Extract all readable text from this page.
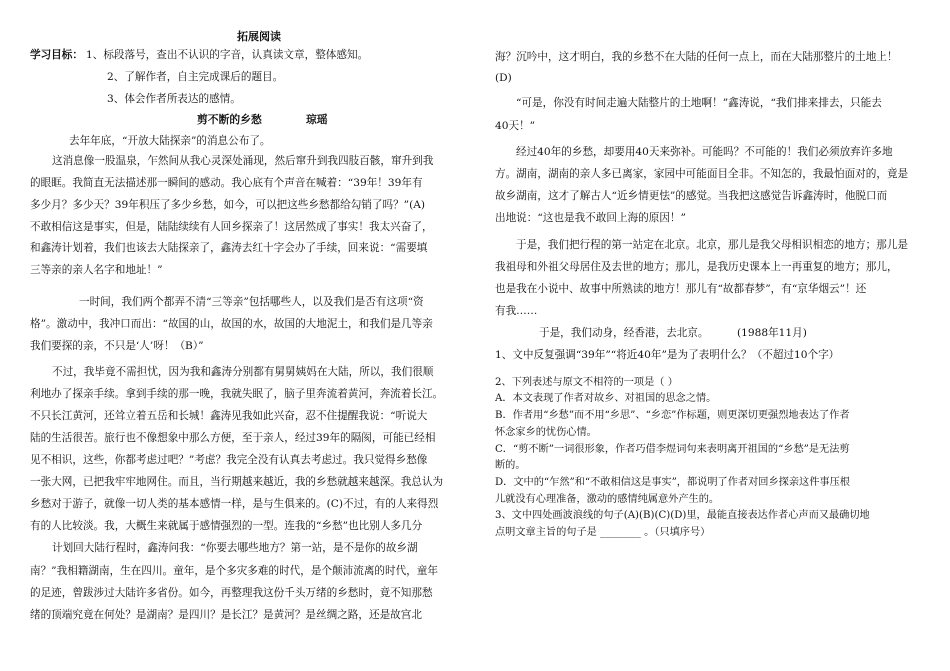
拓展阅读
学习目标： 1、标段落号，查出不认识的字音，认真读文章，整体感知。
2、了解作者，自主完成课后的题目。
3、体会作者所表达的感情。
剪不断的乡愁	琼瑶
去年年底，“开放大陆探亲”的消息公布了。
这消息像一股温泉，乍然间从我心灵深处涌现，然后窜升到我四肢百骸，窜升到我
的眼眶。我简直无法描述那一瞬间的感动。我心底有个声音在喊着：“39年！39年有
多少月？多少天？39年积压了多少乡愁，如今，可以把这些乡愁都给勾销了吗？”(A)
不敢相信这是事实，但是，陆陆续续有人回乡探亲了！这居然成了事实！我太兴奋了，
和鑫涛计划着，我们也该去大陆探亲了，鑫涛去红十字会办了手续，回来说：“需要填
三等亲的亲人名字和地址！”
一时间，我们两个都弄不清“三等亲”包括哪些人，以及我们是否有这项“资
格”。激动中，我冲口而出：“故国的山，故国的水，故国的大地泥土，和我们是几等亲
我们要探的亲，不只是‘人’呀！（B）”
不过，我毕竟不需担忧，因为我和鑫涛分别都有舅舅姨妈在大陆，所以，我们很顺
利地办了探亲手续。拿到手续的那一晚，我就失眠了，脑子里奔流着黄河，奔流着长江。
不只长江黄河，还耸立着五岳和长城！鑫涛见我如此兴奋，忍不住提醒我说：“听说大
陆的生活很苦。旅行也不像想象中那么方便，至于亲人，经过39年的隔阂，可能已经相
见不相识，这些，你都考虑过吧？”考虑？我完全没有认真去考虑过。我只觉得乡愁像
一张大网，已把我牢牢地网住。而且，当行期越来越近，我的乡愁就越来越深。我总认为
乡愁对于游子，就像一切人类的基本感情一样，是与生俱来的。(C)不过，有的人来得烈
有的人比较淡。我，大概生来就属于感情强烈的一型。连我的“乡愁”也比别人多几分
计划回大陆行程时，鑫涛问我：“你要去哪些地方？第一站，是不是你的故乡湖
南？”我相籍湖南，生在四川。童年，是个多灾多难的时代，是个颠沛流离的时代，童年
的足迹，曾跋涉过大陆许多省份。如今，再整理我这份千头万绪的乡愁时，竟不知那愁
绪的顶端究竟在何处？是湖南？是四川？是长江？是黄河？是丝绸之路，还是故宫北
海？沉吟中，这才明白，我的乡愁不在大陆的任何一点上，而在大陆那整片的土地上！
(D)
“可是，你没有时间走遍大陆整片的土地啊！”鑫涛说，“我们排来排去，只能去
40天！”
经过40年的乡愁，却要用40天来弥补。可能吗？不可能的！我们必须放弃许多地
方。湖南，湖南的亲人多已离家，家园中可能面目全非。不知怎的，我最怕面对的，竟是
故乡湖南，这才了解古人“近乡情更怯”的感觉。当我把这感觉告诉鑫涛时，他脱口而
出地说：“这也是我不敢回上海的原因！”
于是，我们把行程的第一站定在北京。北京，那儿是我父母相识相恋的地方；那儿是
我祖母和外祖父母居住及去世的地方；那儿，是我历史课本上一再重复的地方；那儿，
也是我在小说中、故事中所熟读的地方！那儿有“故都春梦”，有“京华烟云”！还
有我……
于是，我们动身，经香港，去北京。	(1988年11月)
1、文中反复强调“39年”“将近40年”是为了表明什么？（不超过10个字）
2、下列表述与原文不相符的一项是（ ）
A．本文表现了作者对故乡、对祖国的思念之情。
B．作者用“乡愁”而不用“乡思”、“乡恋”作标题，则更深切更强烈地表达了作者
怀念家乡的忧伤心情。
C．“剪不断”一词很形象，作者巧借李煜词句来表明离开祖国的“乡愁”是无法剪
断的。
D．文中的“乍然”和“不敢相信这是事实”，都说明了作者对回乡探亲这件事压根
儿就没有心理准备，激动的感情纯属意外产生的。
3、文中四处画波浪线的句子(A)(B)(C)(D)里，最能直接表达作者心声而又最确切地
点明文章主旨的句子是 ________ 。（只填序号）
